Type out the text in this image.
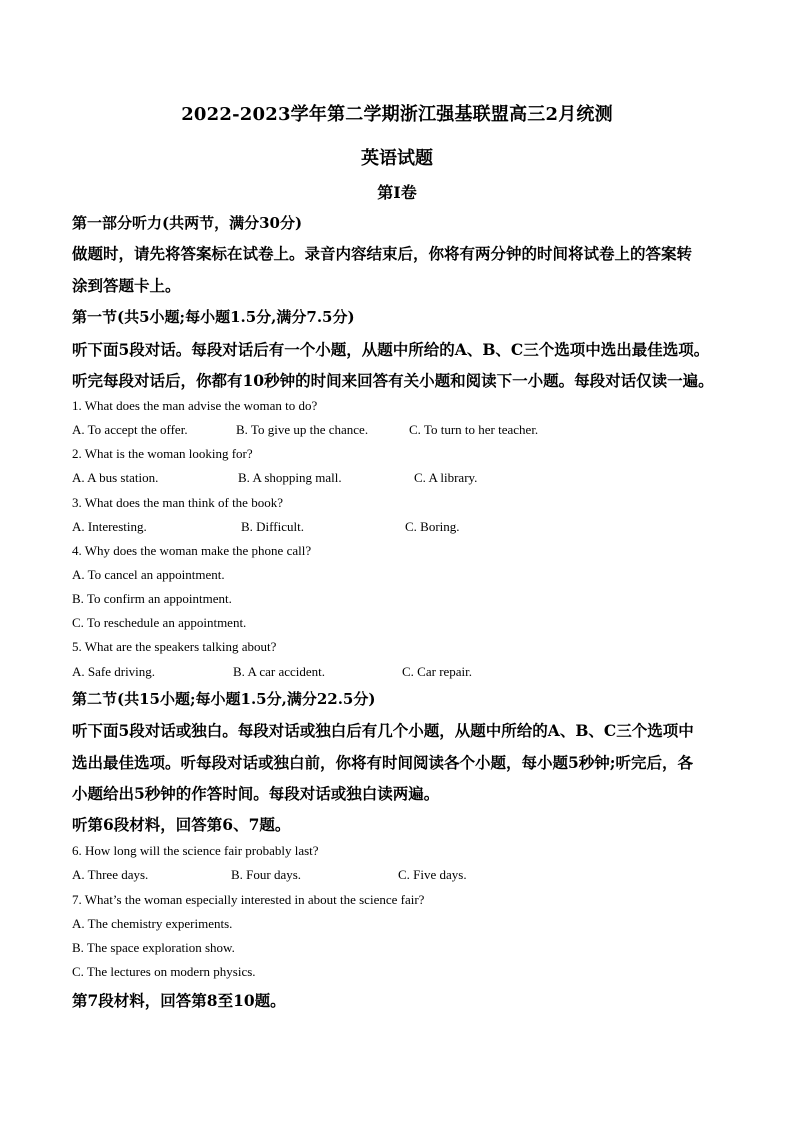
2022-2023学年第二学期浙江强基联盟高三2月统测
英语试题
第I卷
第一部分听力(共两节，满分30分)
做题时，请先将答案标在试卷上。录音内容结束后，你将有两分钟的时间将试卷上的答案转
涂到答题卡上。
第一节(共5小题;每小题1.5分,满分7.5分)
听下面5段对话。每段对话后有一个小题，从题中所给的A、B、C三个选项中选出最佳选项。
听完每段对话后，你都有10秒钟的时间来回答有关小题和阅读下一小题。每段对话仅读一遍。
1. What does the man advise the woman to do?
A. To accept the offer.	B. To give up the chance.	C. To turn to her teacher.
2. What is the woman looking for?
A. A bus station.	B. A shopping mall.	C. A library.
3. What does the man think of the book?
A. Interesting.	B. Difficult.	C. Boring.
4. Why does the woman make the phone call?
A. To cancel an appointment.
B. To confirm an appointment.
C. To reschedule an appointment.
5. What are the speakers talking about?
A. Safe driving.	B. A car accident.	C. Car repair.
第二节(共15小题;每小题1.5分,满分22.5分)
听下面5段对话或独白。每段对话或独白后有几个小题，从题中所给的A、B、C三个选项中
选出最佳选项。听每段对话或独白前，你将有时间阅读各个小题，每小题5秒钟;听完后，各
小题给出5秒钟的作答时间。每段对话或独白读两遍。
听第6段材料，回答第6、7题。
6. How long will the science fair probably last?
A. Three days.	B. Four days.	C. Five days.
7. What’s the woman especially interested in about the science fair?
A. The chemistry experiments.
B. The space exploration show.
C. The lectures on modern physics.
第7段材料，回答第8至10题。
